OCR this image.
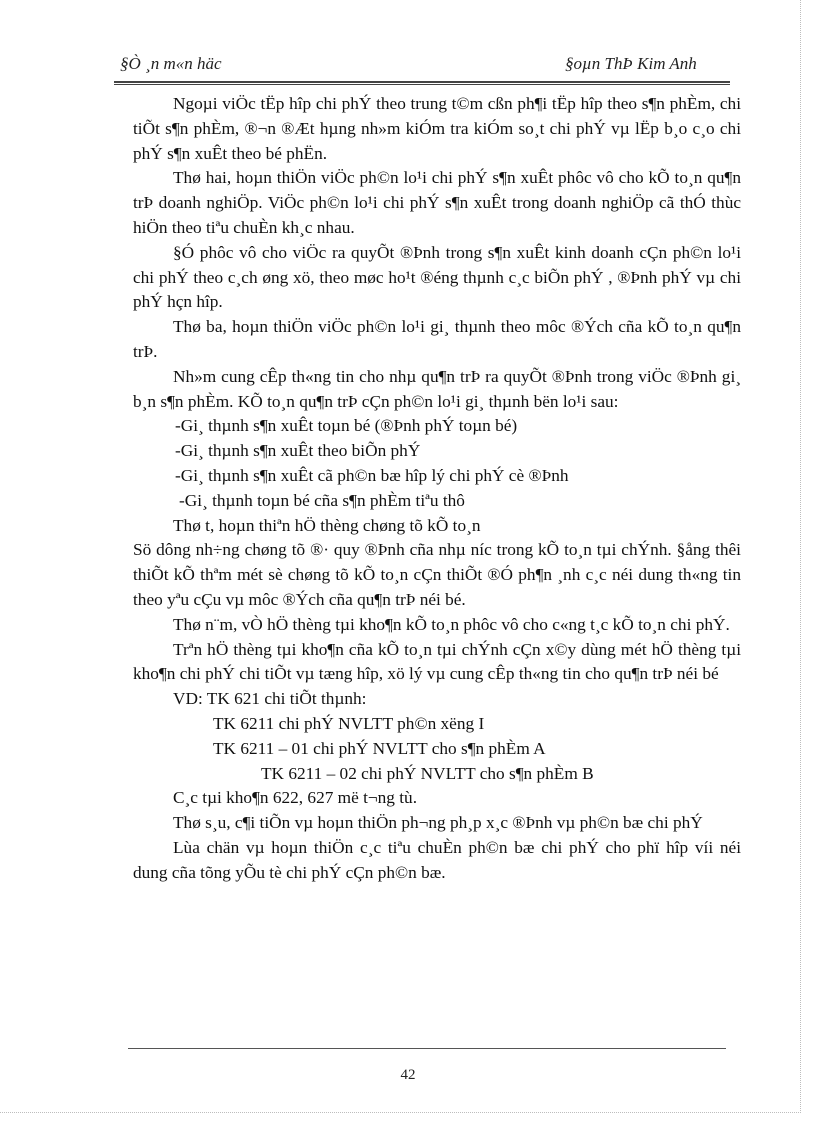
§Ò ¸n m«n häc	§oµn ThÞ Kim Anh

Ngoµi viÖc tËp hîp chi phÝ theo trung t©m cßn ph¶i tËp hîp theo s¶n phÈm, chi tiÕt s¶n phÈm, ®¬n ®Æt hµng nh»m kiÓm tra kiÓm so¸t chi phÝ vµ lËp b¸o c¸o chi phÝ s¶n xuÊt theo bé phËn.

Thø hai, hoµn thiÖn viÖc ph©n lo¹i chi phÝ s¶n xuÊt phôc vô cho kÕ to¸n qu¶n trÞ doanh nghiÖp. ViÖc ph©n lo¹i chi phÝ s¶n xuÊt trong doanh nghiÖp cã thÓ thùc hiÖn theo tiªu chuÈn kh¸c nhau.

§Ó phôc vô cho viÖc ra quyÕt ®Þnh trong s¶n xuÊt kinh doanh cÇn ph©n lo¹i chi phÝ theo c¸ch øng xö, theo møc ho¹t ®éng thµnh c¸c biÕn phÝ , ®Þnh phÝ vµ chi phÝ hçn hîp.

Thø ba, hoµn thiÖn viÖc ph©n lo¹i gi¸ thµnh theo môc ®Ých cña kÕ to¸n qu¶n trÞ.

Nh»m cung cÊp th«ng tin cho nhµ qu¶n trÞ ra quyÕt ®Þnh trong viÖc ®Þnh gi¸ b¸n s¶n phÈm. KÕ to¸n qu¶n trÞ cÇn ph©n lo¹i gi¸ thµnh bën lo¹i sau:

-Gi¸ thµnh s¶n xuÊt toµn bé (®Þnh phÝ toµn bé)

-Gi¸ thµnh s¶n xuÊt theo biÕn phÝ

-Gi¸ thµnh s¶n xuÊt cã ph©n bæ hîp lý chi phÝ cè ®Þnh

-Gi¸ thµnh toµn bé cña s¶n phÈm tiªu thô

Thø t, hoµn thiªn hÖ thèng chøng tõ kÕ to¸n

Sö dông nh÷ng chøng tõ ®· quy ®Þnh cña nhµ níc trong kÕ to¸n tµi chÝnh. §ång thêi thiÕt kÕ thªm mét sè chøng tõ kÕ to¸n cÇn thiÕt ®Ó ph¶n ¸nh c¸c néi dung th«ng tin theo yªu cÇu vµ môc ®Ých cña qu¶n trÞ néi bé.

Thø n¨m, vÒ hÖ thèng tµi kho¶n kÕ to¸n phôc vô cho c«ng t¸c kÕ to¸n chi phÝ.

Trªn hÖ thèng tµi kho¶n cña kÕ to¸n tµi chÝnh cÇn x©y dùng mét hÖ thèng tµi kho¶n chi phÝ chi tiÕt vµ tæng hîp, xö lý vµ cung cÊp th«ng tin cho qu¶n trÞ néi bé

VD: TK 621 chi tiÕt thµnh:

TK 6211 chi phÝ NVLTT ph©n xëng I

TK 6211 – 01 chi phÝ NVLTT cho s¶n phÈm A

TK 6211 – 02 chi phÝ NVLTT cho s¶n phÈm B

C¸c tµi kho¶n 622, 627 më t¬ng tù.

Thø s¸u, c¶i tiÕn vµ hoµn thiÖn ph¬ng ph¸p x¸c ®Þnh vµ ph©n bæ chi phÝ

Lùa chän vµ hoµn thiÖn c¸c tiªu chuÈn ph©n bæ chi phÝ cho phï hîp víi néi dung cña tõng yÕu tè chi phÝ cÇn ph©n bæ.

42
